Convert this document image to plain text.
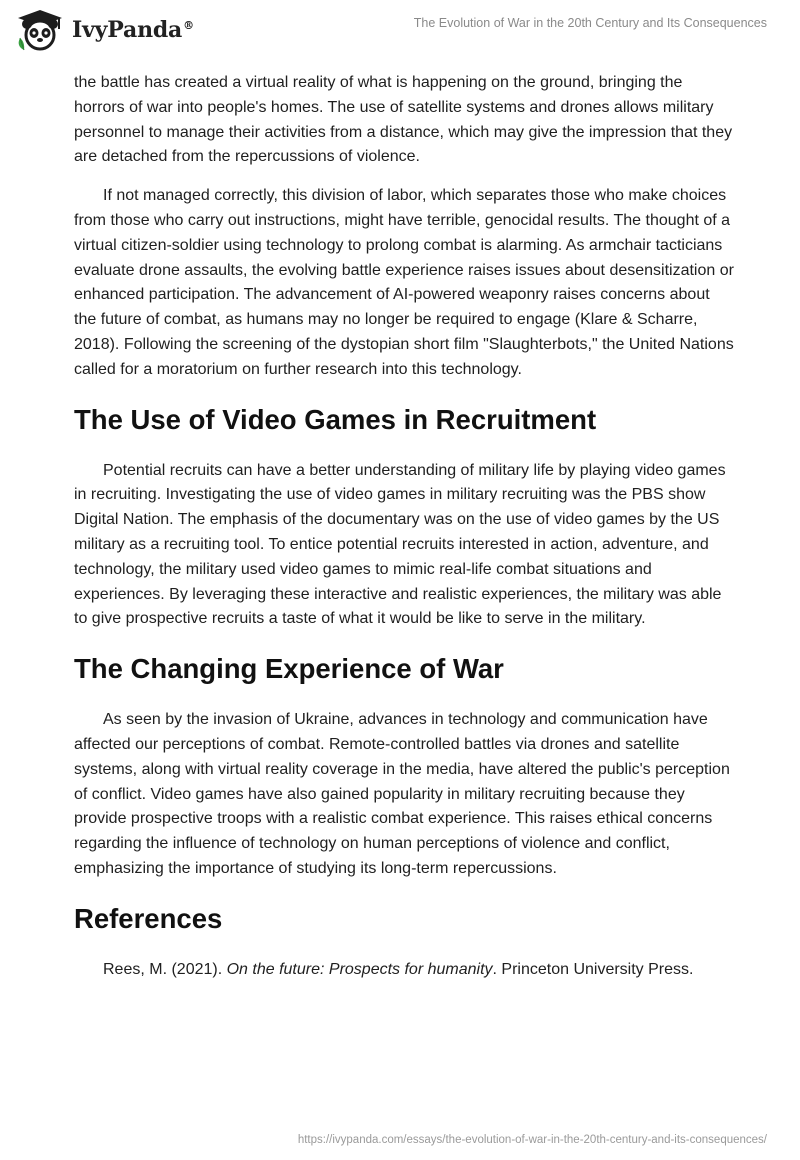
IvyPanda®	The Evolution of War in the 20th Century and Its Consequences

the battle has created a virtual reality of what is happening on the ground, bringing the horrors of war into people's homes. The use of satellite systems and drones allows military personnel to manage their activities from a distance, which may give the impression that they are detached from the repercussions of violence.

If not managed correctly, this division of labor, which separates those who make choices from those who carry out instructions, might have terrible, genocidal results. The thought of a virtual citizen-soldier using technology to prolong combat is alarming. As armchair tacticians evaluate drone assaults, the evolving battle experience raises issues about desensitization or enhanced participation. The advancement of AI-powered weaponry raises concerns about the future of combat, as humans may no longer be required to engage (Klare & Scharre, 2018). Following the screening of the dystopian short film "Slaughterbots," the United Nations called for a moratorium on further research into this technology.

The Use of Video Games in Recruitment

Potential recruits can have a better understanding of military life by playing video games in recruiting. Investigating the use of video games in military recruiting was the PBS show Digital Nation. The emphasis of the documentary was on the use of video games by the US military as a recruiting tool. To entice potential recruits interested in action, adventure, and technology, the military used video games to mimic real-life combat situations and experiences. By leveraging these interactive and realistic experiences, the military was able to give prospective recruits a taste of what it would be like to serve in the military.

The Changing Experience of War

As seen by the invasion of Ukraine, advances in technology and communication have affected our perceptions of combat. Remote-controlled battles via drones and satellite systems, along with virtual reality coverage in the media, have altered the public's perception of conflict. Video games have also gained popularity in military recruiting because they provide prospective troops with a realistic combat experience. This raises ethical concerns regarding the influence of technology on human perceptions of violence and conflict, emphasizing the importance of studying its long-term repercussions.

References

Rees, M. (2021). On the future: Prospects for humanity. Princeton University Press.

https://ivypanda.com/essays/the-evolution-of-war-in-the-20th-century-and-its-consequences/
